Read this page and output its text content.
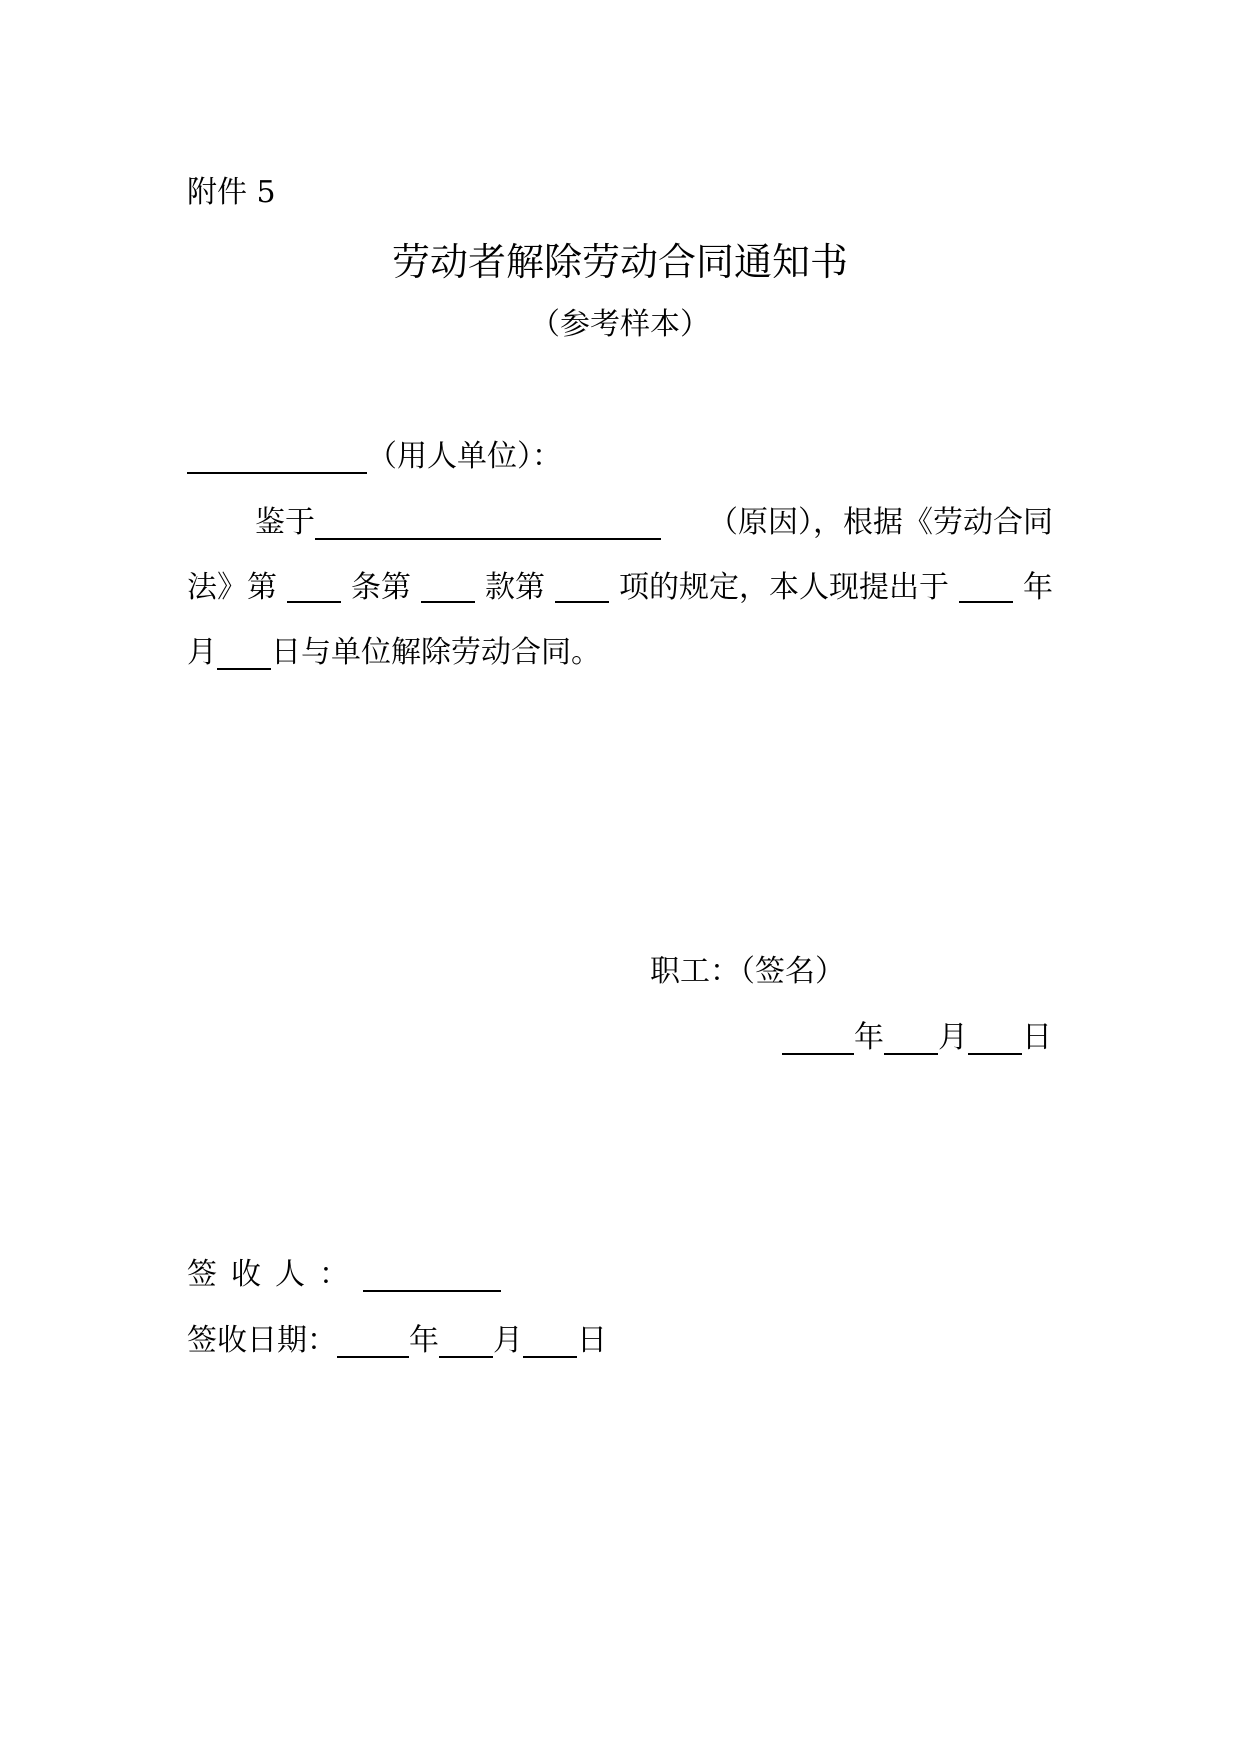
附件 5
劳动者解除劳动合同通知书
（参考样本）
（用人单位）：
鉴于	（原因），根据《劳动合同
法》第 条第 款第 项的规定，本人现提出于 年
月 日与单位解除劳动合同。
职工：（签名）
年 月 日
签收人：
签收日期： 年 月 日
